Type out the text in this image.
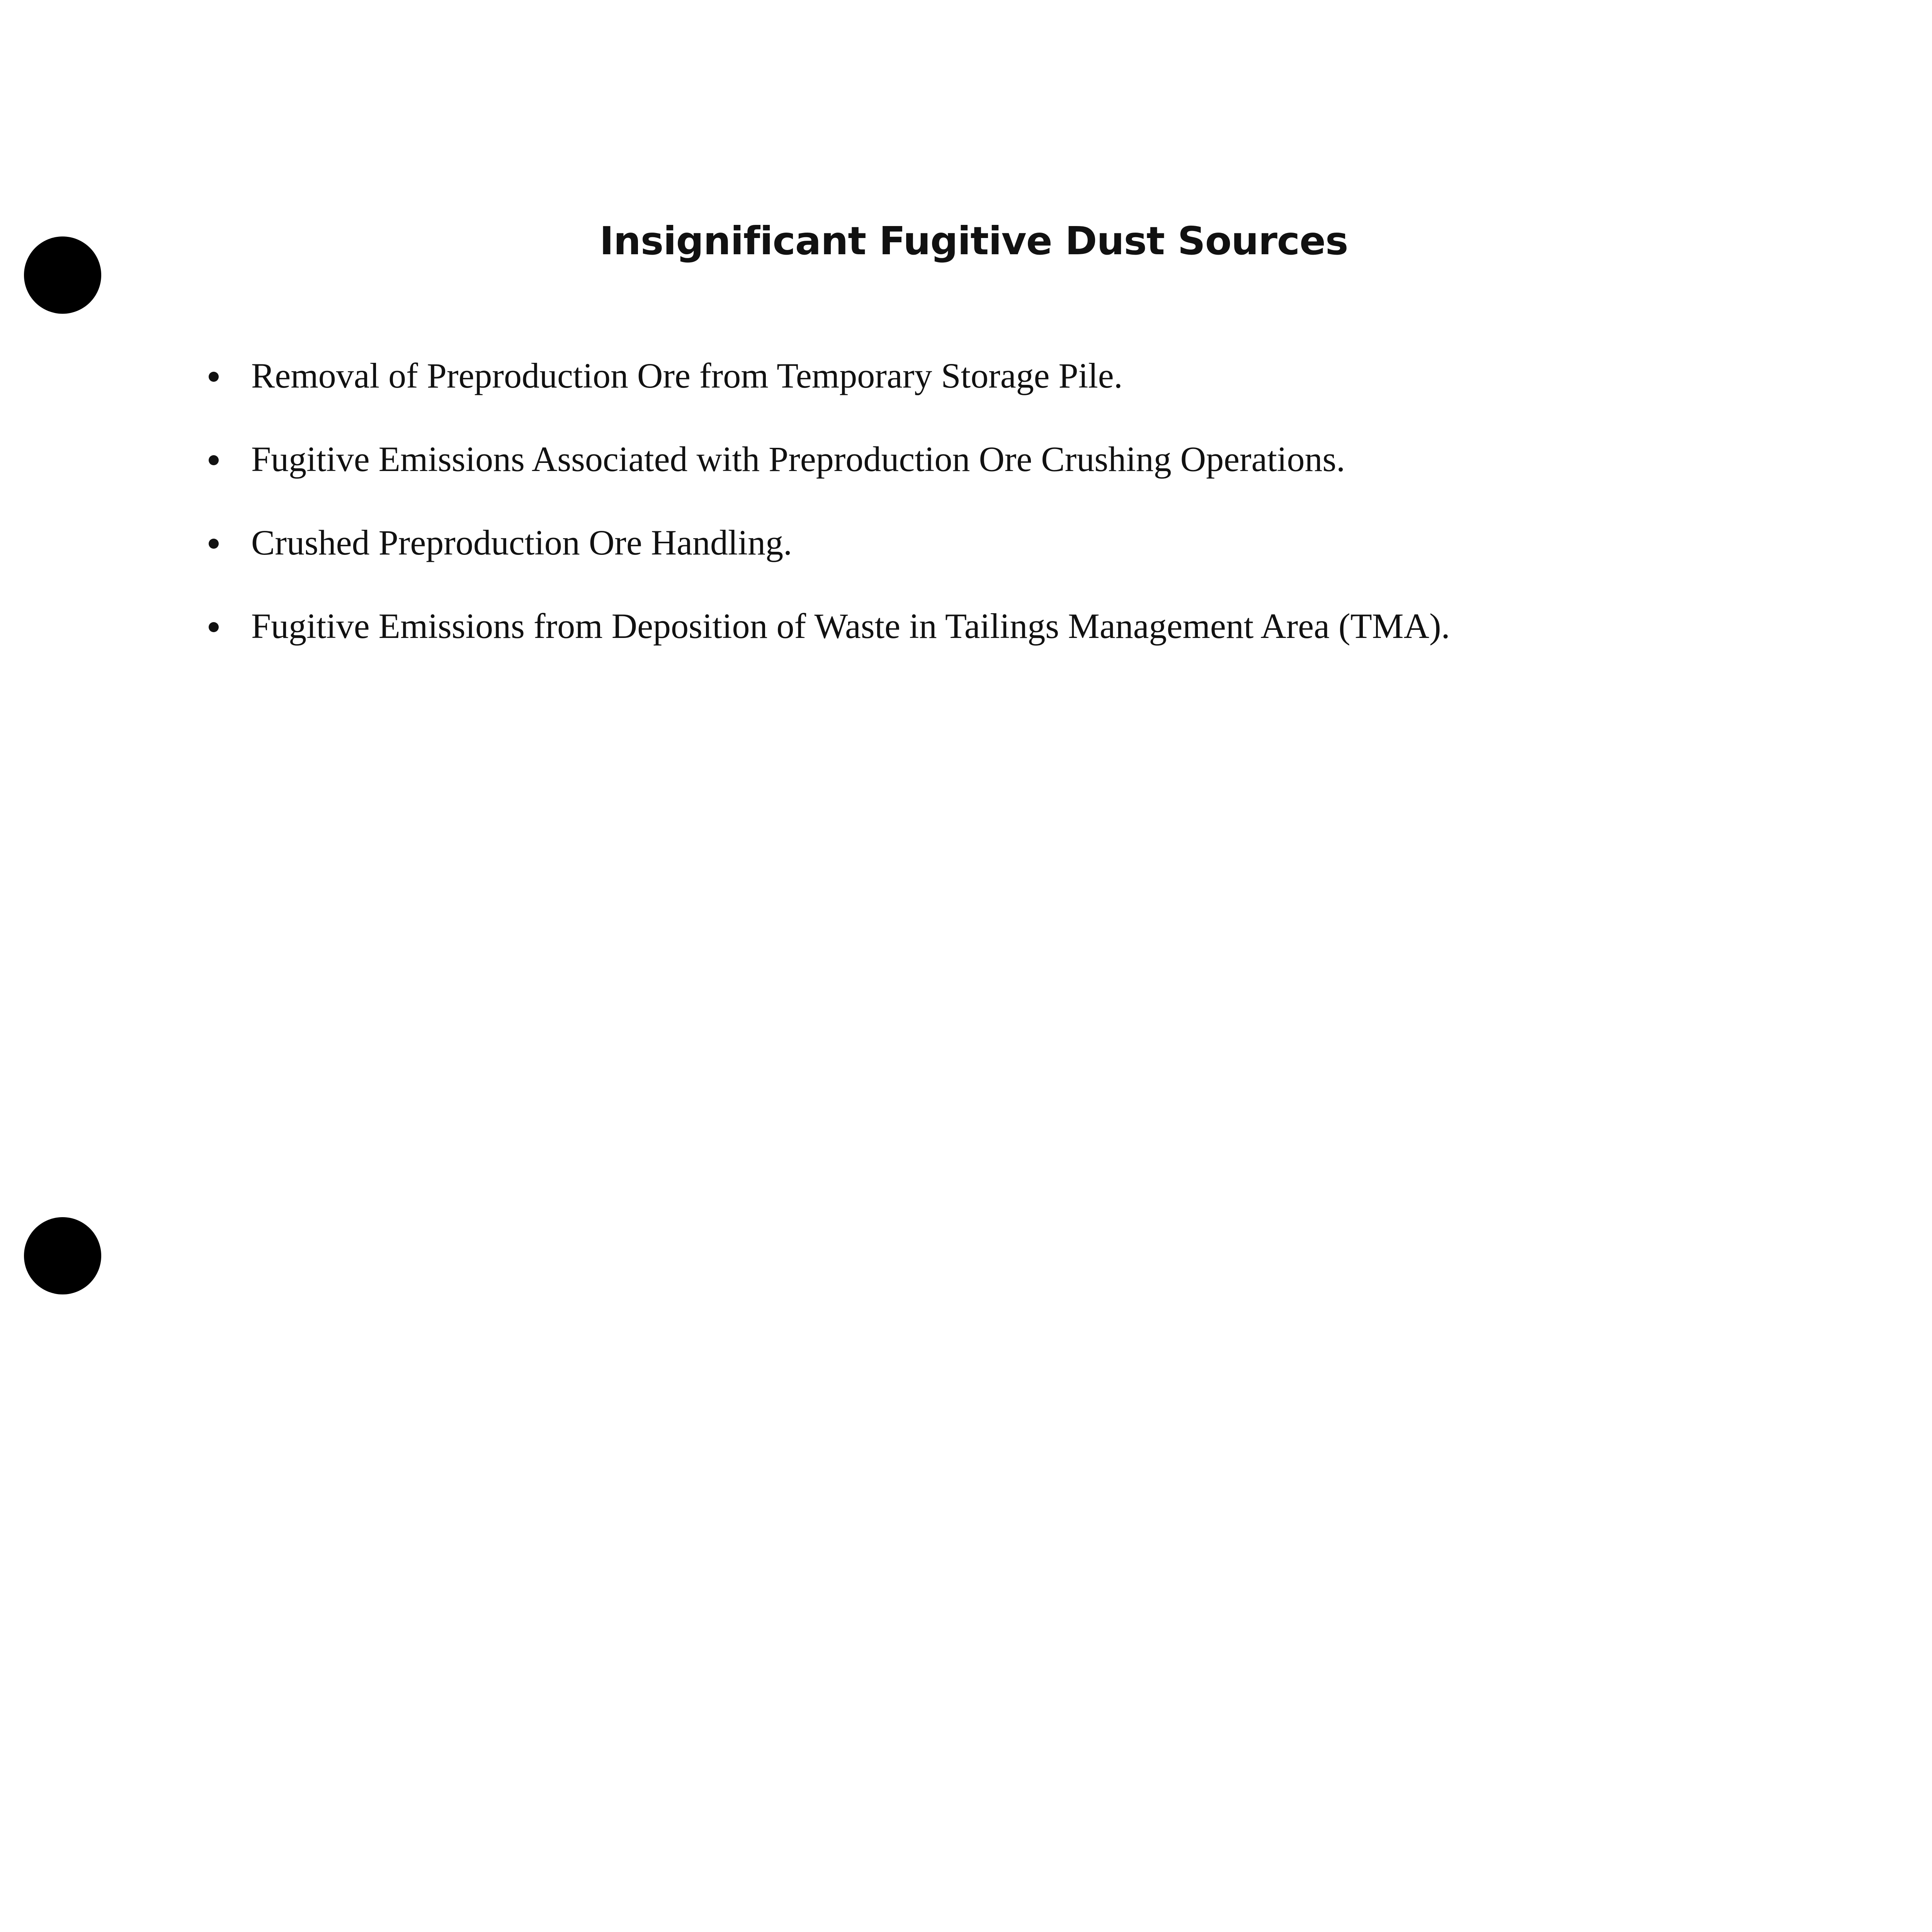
Insignificant Fugitive Dust Sources
Removal of Preproduction Ore from Temporary Storage Pile.
Fugitive Emissions Associated with Preproduction Ore Crushing Operations.
Crushed Preproduction Ore Handling.
Fugitive Emissions from Deposition of Waste in Tailings Management Area (TMA).
